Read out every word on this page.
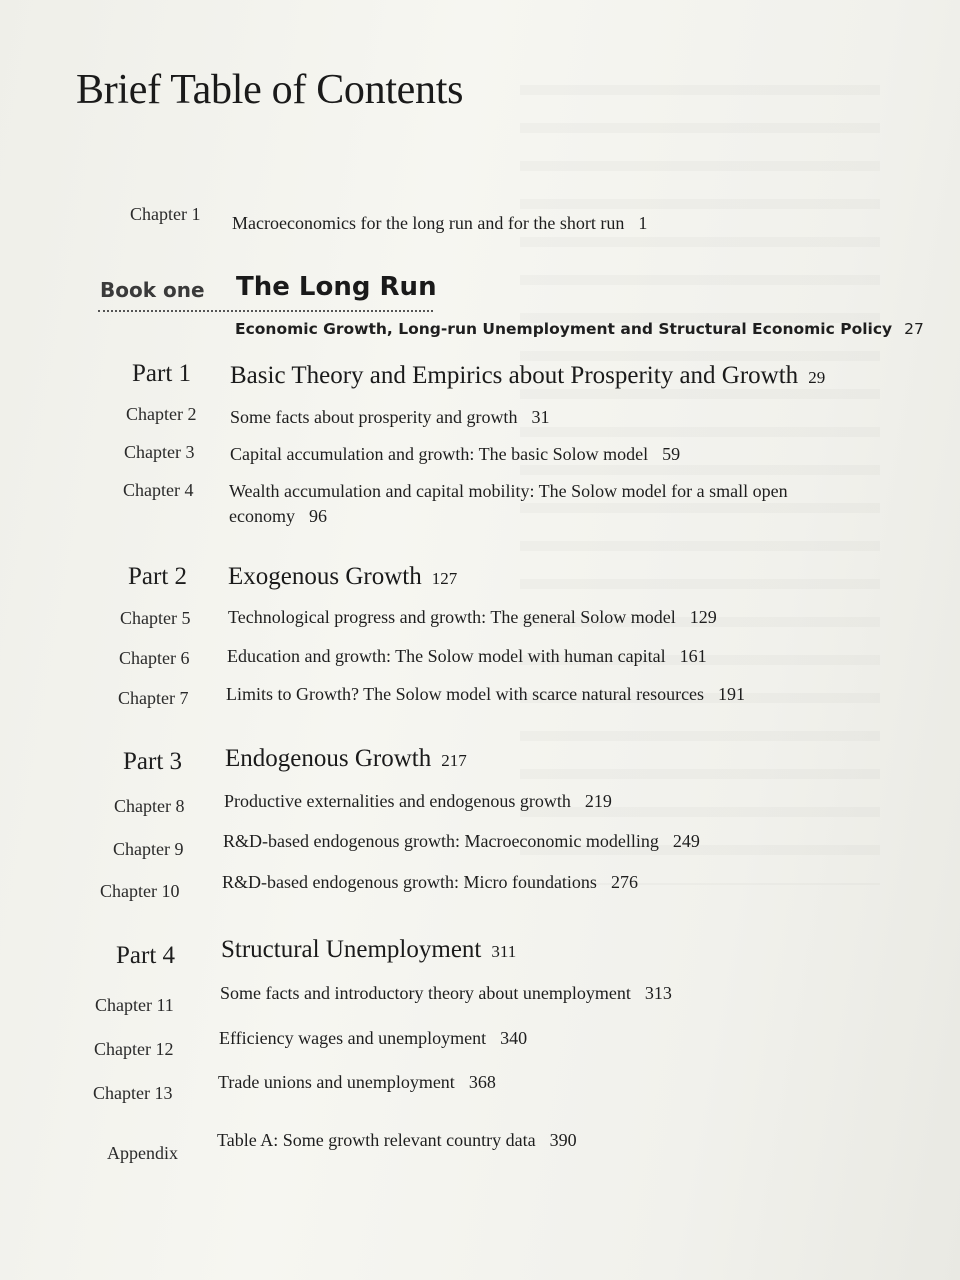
Brief Table of Contents
Chapter 1 Macroeconomics for the long run and for the short run 1
Book one The Long Run
Economic Growth, Long-run Unemployment and Structural Economic Policy 27
Part 1 Basic Theory and Empirics about Prosperity and Growth 29
Chapter 2 Some facts about prosperity and growth 31
Chapter 3 Capital accumulation and growth: The basic Solow model 59
Chapter 4 Wealth accumulation and capital mobility: The Solow model for a small open
economy 96
Part 2 Exogenous Growth 127
Chapter 5 Technological progress and growth: The general Solow model 129
Chapter 6 Education and growth: The Solow model with human capital 161
Chapter 7 Limits to Growth? The Solow model with scarce natural resources 191
Part 3 Endogenous Growth 217
Chapter 8 Productive externalities and endogenous growth 219
Chapter 9 R&D-based endogenous growth: Macroeconomic modelling 249
Chapter 10 R&D-based endogenous growth: Micro foundations 276
Part 4 Structural Unemployment 311
Chapter 11
Some facts and introductory theory about unemployment 313
Chapter 12
Efficiency wages and unemployment 340
Chapter 13
Trade unions and unemployment 368
Appendix
Table A: Some growth relevant country data 390
